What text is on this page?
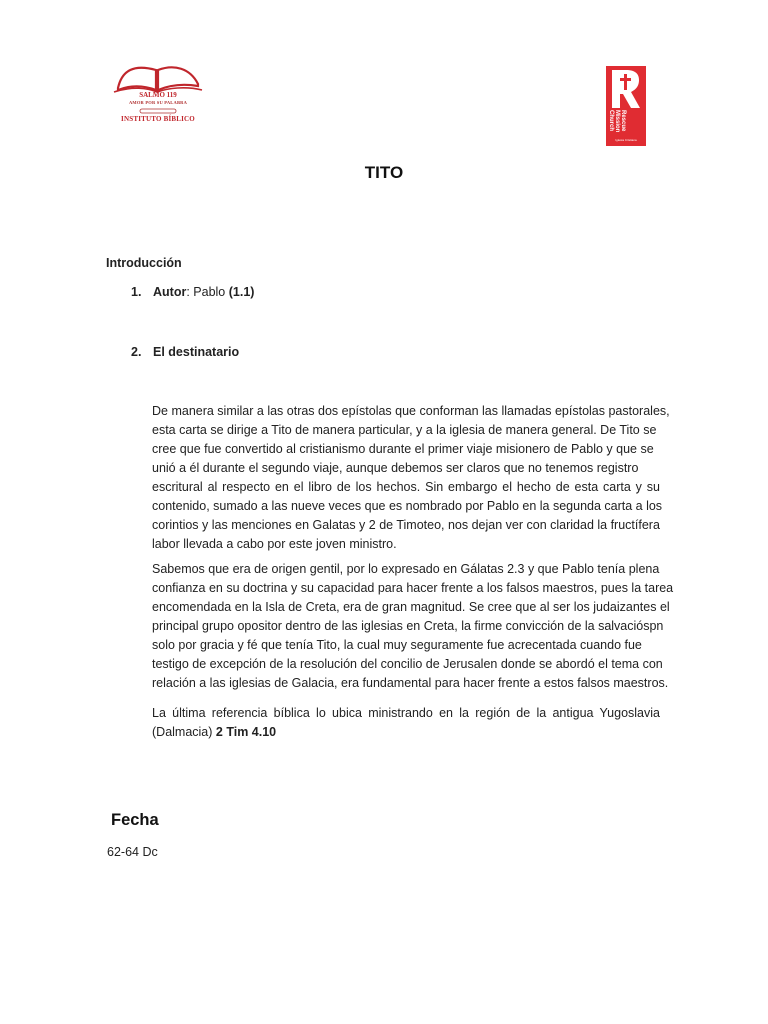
SALMO 119
AMOR POR SU PALABRA
INSTITUTO BÍBLICO	Rescue
Mission
Church
Iglesia Cristiana
TITO
Introducción
1. Autor: Pablo (1.1)
2. El destinatario
De manera similar a las otras dos epístolas que conforman las llamadas epístolas pastorales,
esta carta se dirige a Tito de manera particular, y a la iglesia de manera general. De Tito se
cree que fue convertido al cristianismo durante el primer viaje misionero de Pablo y que se
unió a él durante el segundo viaje, aunque debemos ser claros que no tenemos registro
escritural al respecto en el libro de los hechos. Sin embargo el hecho de esta carta y su
contenido, sumado a las nueve veces que es nombrado por Pablo en la segunda carta a los
corintios y las menciones en Galatas y 2 de Timoteo, nos dejan ver con claridad la fructífera
labor llevada a cabo por este joven ministro.
Sabemos que era de origen gentil, por lo expresado en Gálatas 2.3 y que Pablo tenía plena
confianza en su doctrina y su capacidad para hacer frente a los falsos maestros, pues la tarea
encomendada en la Isla de Creta, era de gran magnitud. Se cree que al ser los judaizantes el
principal grupo opositor dentro de las iglesias en Creta, la firme convicción de la salvacióspn
solo por gracia y fé que tenía Tito, la cual muy seguramente fue acrecentada cuando fue
testigo de excepción de la resolución del concilio de Jerusalen donde se abordó el tema con
relación a las iglesias de Galacia, era fundamental para hacer frente a estos falsos maestros.
La última referencia bíblica lo ubica ministrando en la región de la antigua Yugoslavia
(Dalmacia) 2 Tim 4.10
Fecha
62-64 Dc
